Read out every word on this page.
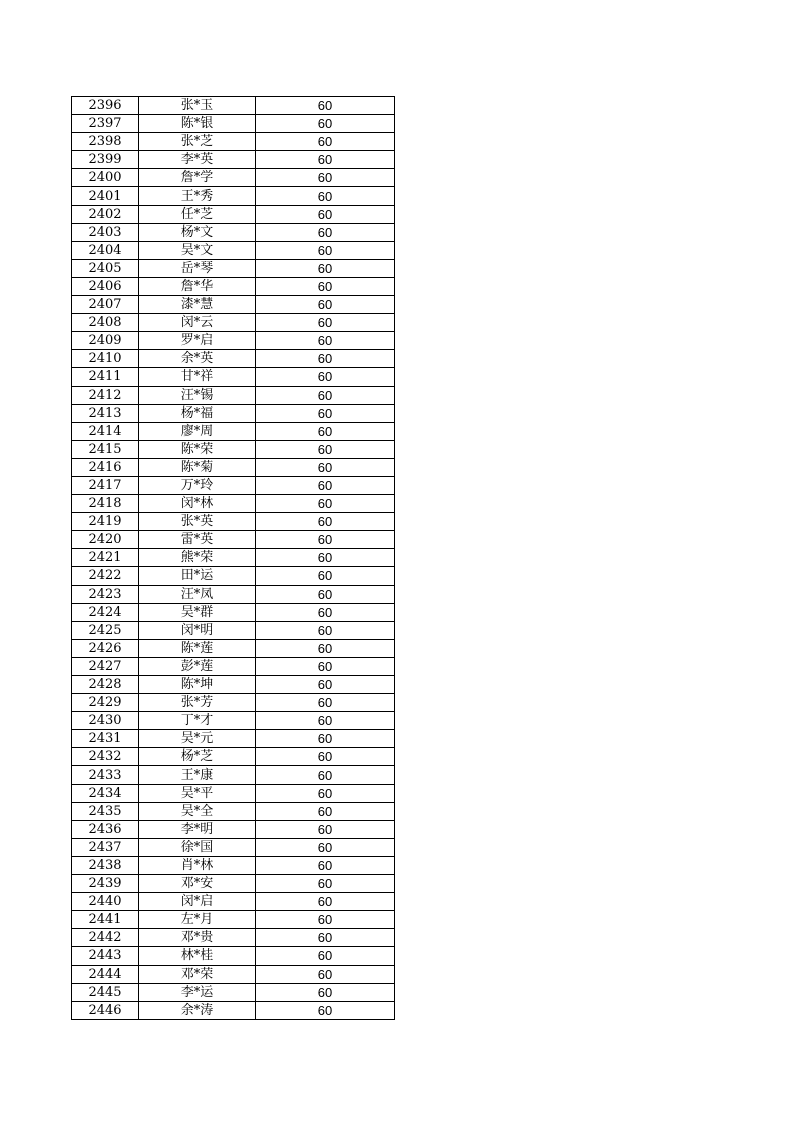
2396	张*玉	60
2397	陈*银	60
2398	张*芝	60
2399	李*英	60
2400	詹*学	60
2401	王*秀	60
2402	任*芝	60
2403	杨*文	60
2404	吴*文	60
2405	岳*琴	60
2406	詹*华	60
2407	漆*慧	60
2408	闵*云	60
2409	罗*启	60
2410	余*英	60
2411	甘*祥	60
2412	汪*锡	60
2413	杨*福	60
2414	廖*周	60
2415	陈*荣	60
2416	陈*菊	60
2417	万*玲	60
2418	闵*林	60
2419	张*英	60
2420	雷*英	60
2421	熊*荣	60
2422	田*运	60
2423	汪*凤	60
2424	吴*群	60
2425	闵*明	60
2426	陈*莲	60
2427	彭*莲	60
2428	陈*坤	60
2429	张*芳	60
2430	丁*才	60
2431	吴*元	60
2432	杨*芝	60
2433	王*康	60
2434	吴*平	60
2435	吴*全	60
2436	李*明	60
2437	徐*国	60
2438	肖*林	60
2439	邓*安	60
2440	闵*启	60
2441	左*月	60
2442	邓*贵	60
2443	林*桂	60
2444	邓*荣	60
2445	李*运	60
2446	余*涛	60
